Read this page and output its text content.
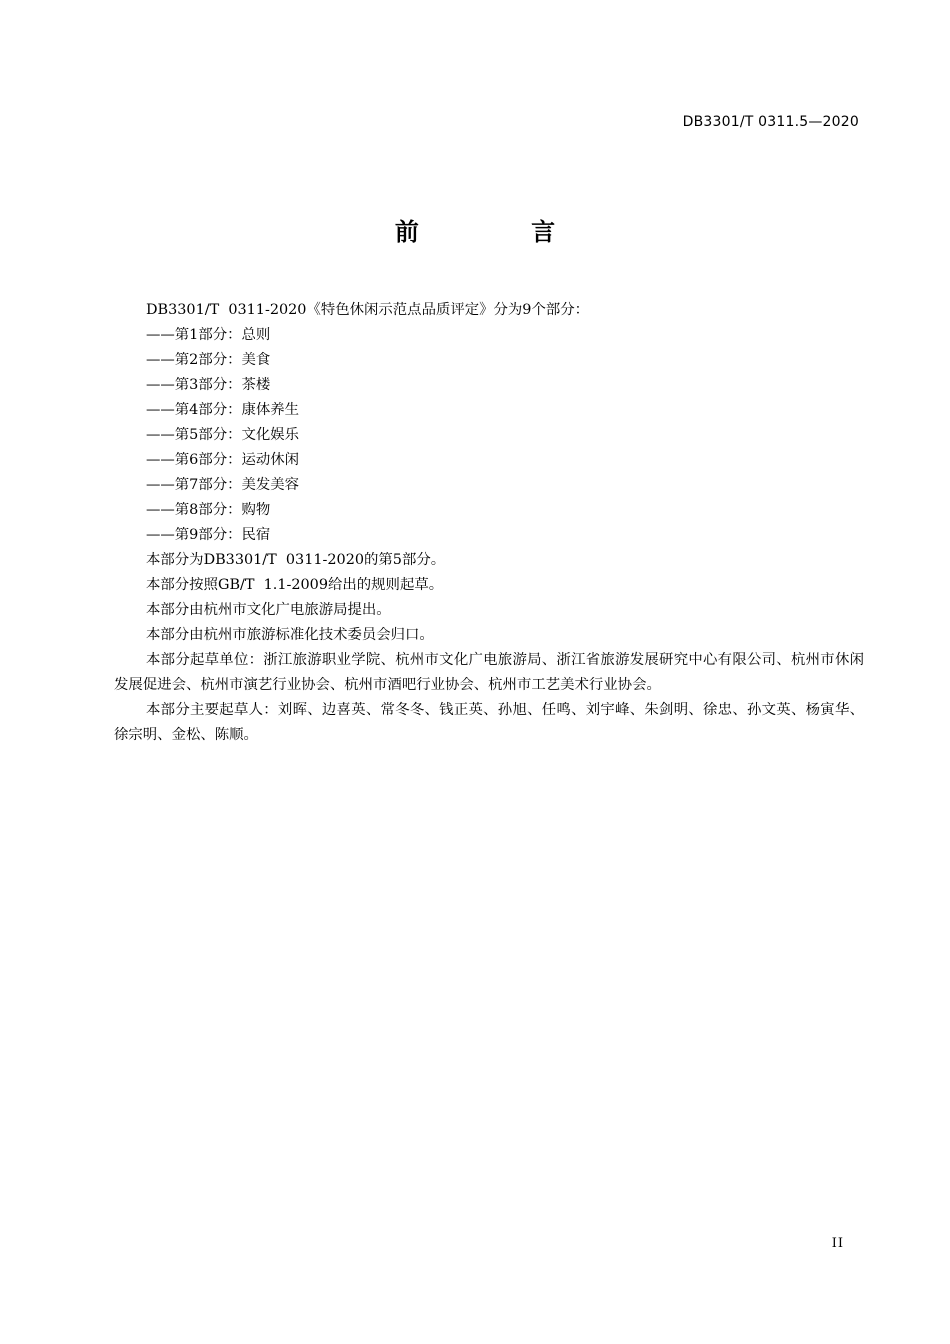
DB3301/T 0311.5—2020
前 言

DB3301/T  0311-2020《特色休闲示范点品质评定》分为9个部分：

——第1部分：总则

——第2部分：美食

——第3部分：茶楼

——第4部分：康体养生

——第5部分：文化娱乐

——第6部分：运动休闲

——第7部分：美发美容

——第8部分：购物

——第9部分：民宿

本部分为DB3301/T  0311-2020的第5部分。

本部分按照GB/T  1.1-2009给出的规则起草。

本部分由杭州市文化广电旅游局提出。

本部分由杭州市旅游标准化技术委员会归口。

本部分起草单位：浙江旅游职业学院、杭州市文化广电旅游局、浙江省旅游发展研究中心有限公司、杭州市休闲发展促进会、杭州市演艺行业协会、杭州市酒吧行业协会、杭州市工艺美术行业协会。

本部分主要起草人：刘晖、边喜英、常冬冬、钱正英、孙旭、任鸣、刘宇峰、朱剑明、徐忠、孙文英、杨寅华、徐宗明、金松、陈顺。

II
